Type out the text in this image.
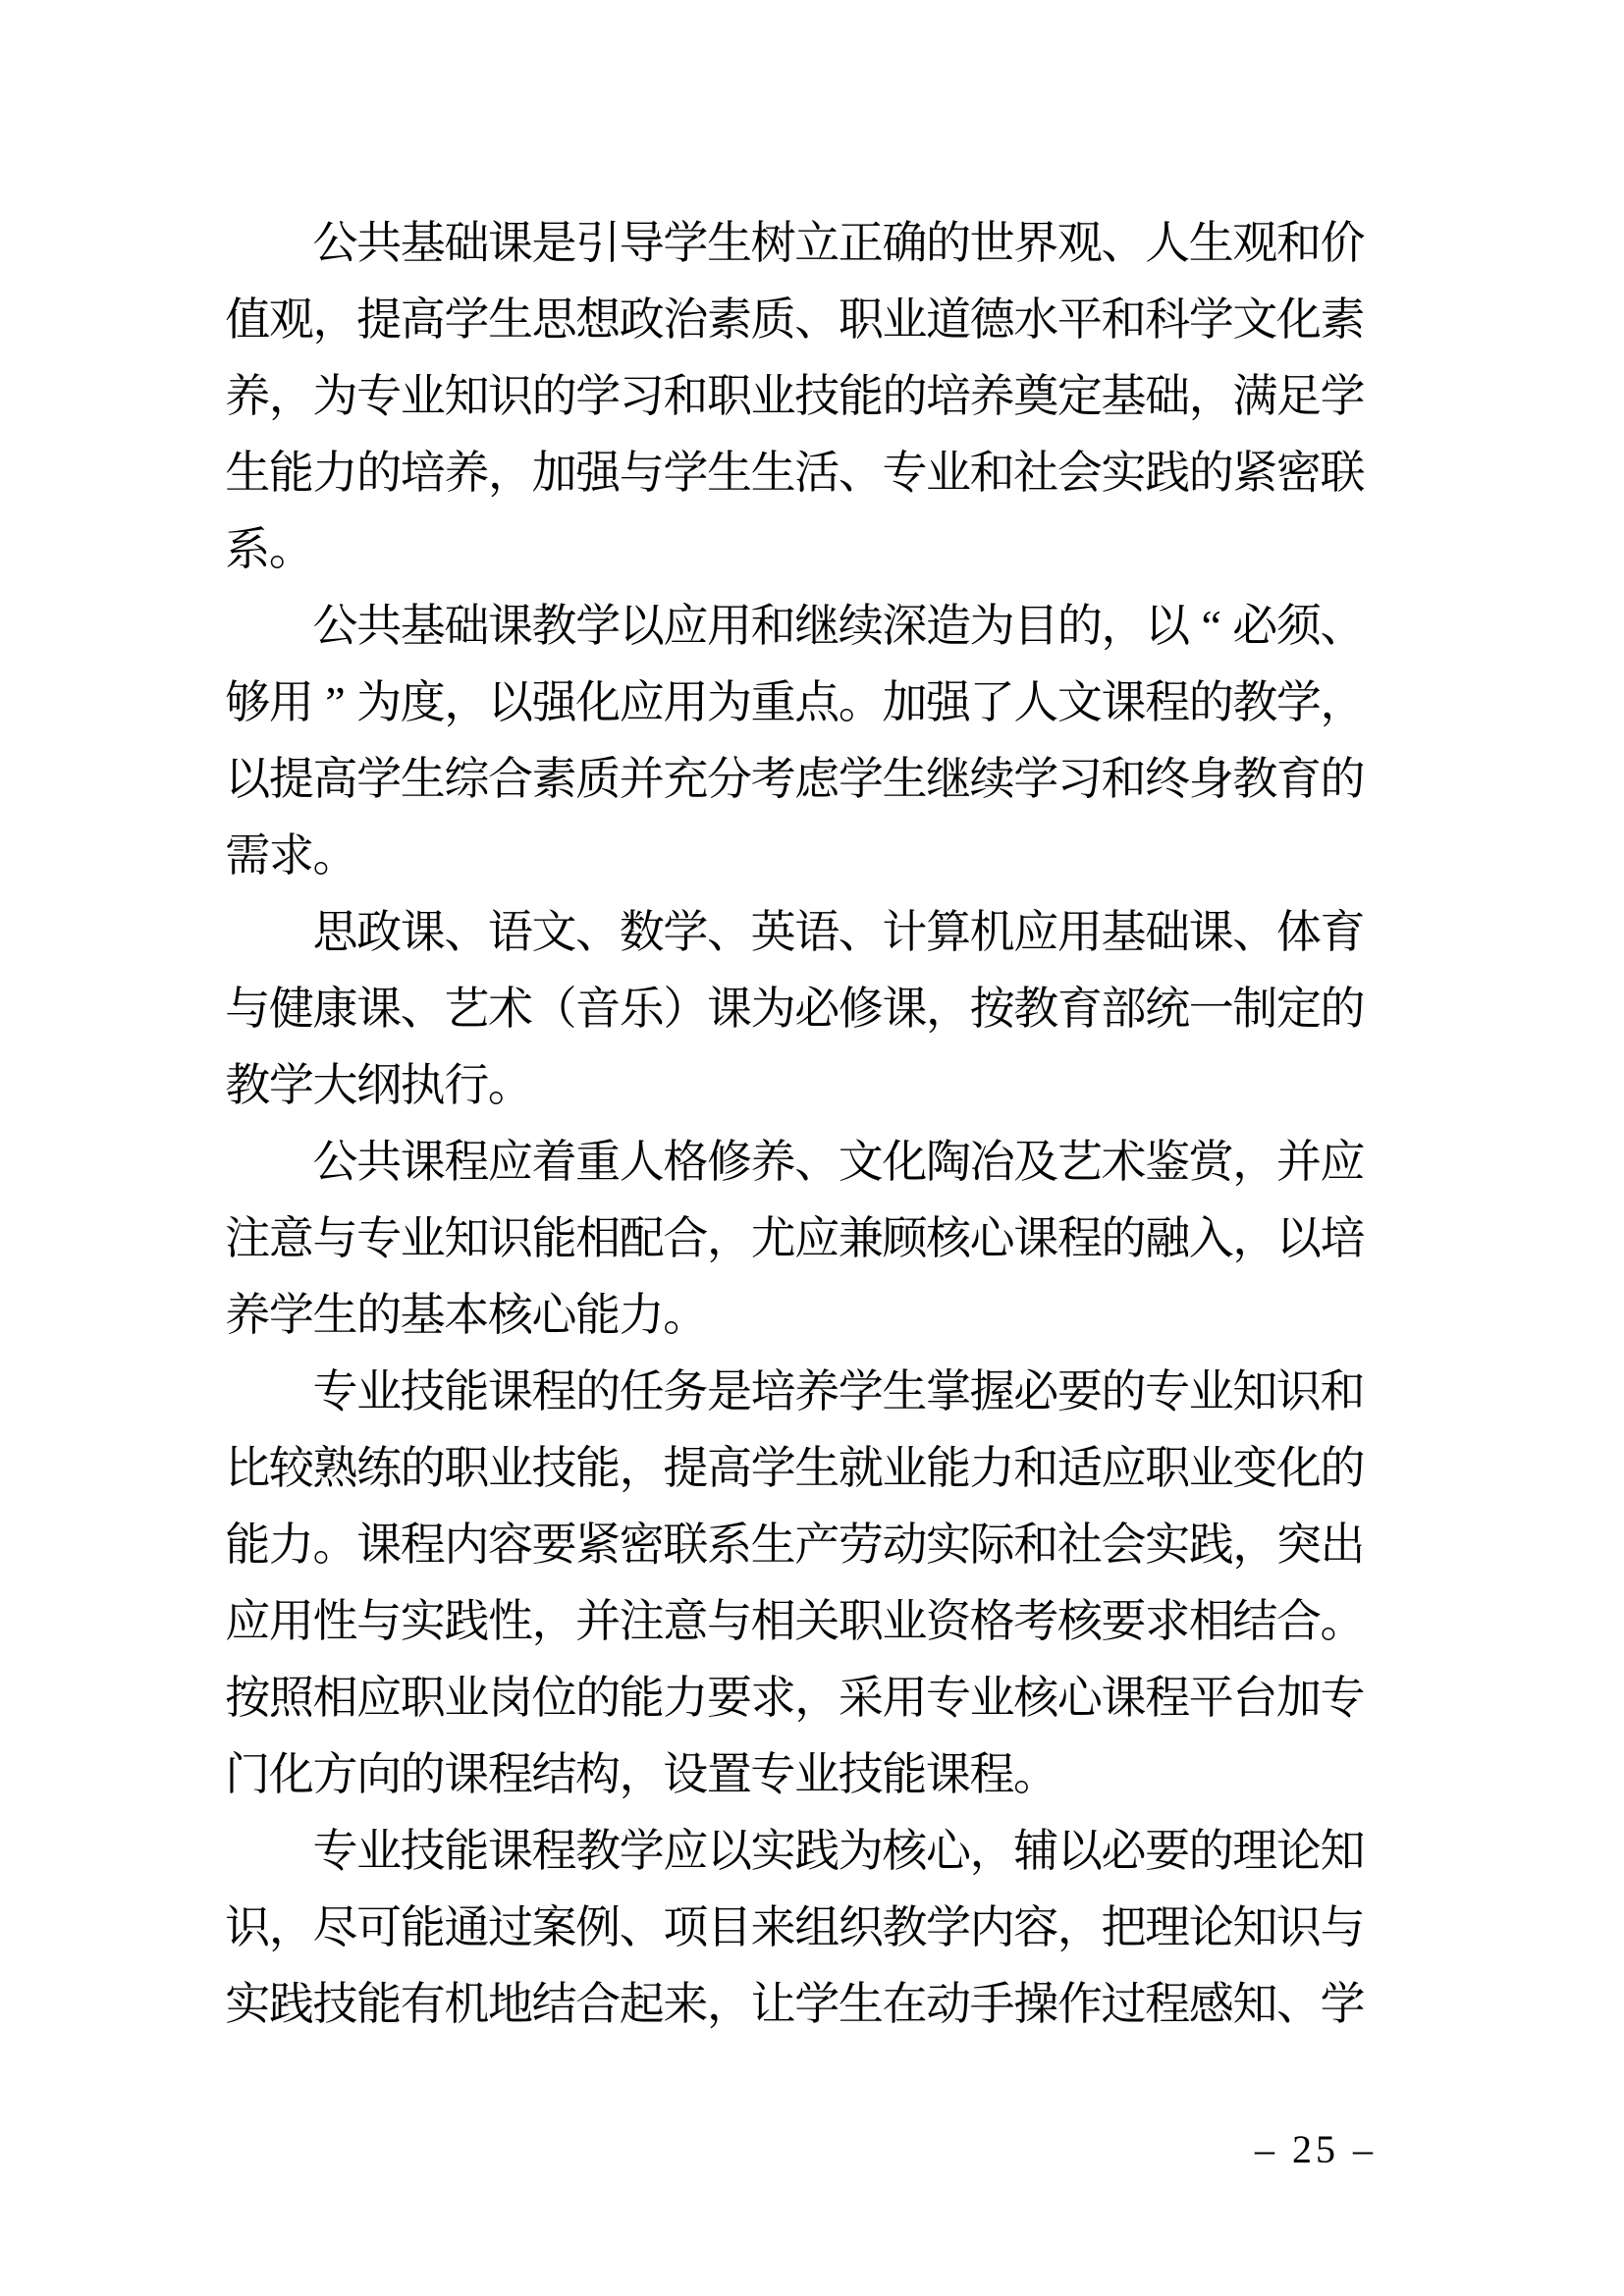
公
共
基
础
课
是
引
导
学
生
树
立
正
确
的
世
界
观
、
人
生
观
和
价
值
观
，
提
高
学
生
思
想
政
治
素
质
、
职
业
道
德
水
平
和
科
学
文
化
素
养
，
为
专
业
知
识
的
学
习
和
职
业
技
能
的
培
养
奠
定
基
础
，
满
足
学
生
能
力
的
培
养
，
加
强
与
学
生
生
活
、
专
业
和
社
会
实
践
的
紧
密
联
系
。
公
共
基
础
课
教
学
以
应
用
和
继
续
深
造
为
目
的
，
以 “ 必
须
、
够
用 ” 为
度
，
以
强
化
应
用
为
重
点
。
加
强
了
人
文
课
程
的
教
学
，
以
提
高
学
生
综
合
素
质
并
充
分
考
虑
学
生
继
续
学
习
和
终
身
教
育
的
需
求
。
思
政
课
、
语
文
、
数
学
、
英
语
、
计
算
机
应
用
基
础
课
、
体
育
与
健
康
课
、
艺
术
（
音
乐
）
课
为
必
修
课
，
按
教
育
部
统
一
制
定
的
教
学
大
纲
执
行
。
公
共
课
程
应
着
重
人
格
修
养
、
文
化
陶
冶
及
艺
术
鉴
赏
，
并
应
注
意
与
专
业
知
识
能
相
配
合
，
尤
应
兼
顾
核
心
课
程
的
融
入
，
以
培
养
学
生
的
基
本
核
心
能
力
。
专
业
技
能
课
程
的
任
务
是
培
养
学
生
掌
握
必
要
的
专
业
知
识
和
比
较
熟
练
的
职
业
技
能
，
提
高
学
生
就
业
能
力
和
适
应
职
业
变
化
的
能
力
。
课
程
内
容
要
紧
密
联
系
生
产
劳
动
实
际
和
社
会
实
践
，
突
出
应
用
性
与
实
践
性
，
并
注
意
与
相
关
职
业
资
格
考
核
要
求
相
结
合
。
按
照
相
应
职
业
岗
位
的
能
力
要
求
，
采
用
专
业
核
心
课
程
平
台
加
专
门
化
方
向
的
课
程
结
构
，
设
置
专
业
技
能
课
程
。
专
业
技
能
课
程
教
学
应
以
实
践
为
核
心
，
辅
以
必
要
的
理
论
知
识
，
尽
可
能
通
过
案
例
、
项
目
来
组
织
教
学
内
容
，
把
理
论
知
识
与
实
践
技
能
有
机
地
结
合
起
来
，
让
学
生
在
动
手
操
作
过
程
感
知
、
学
– 25 –
